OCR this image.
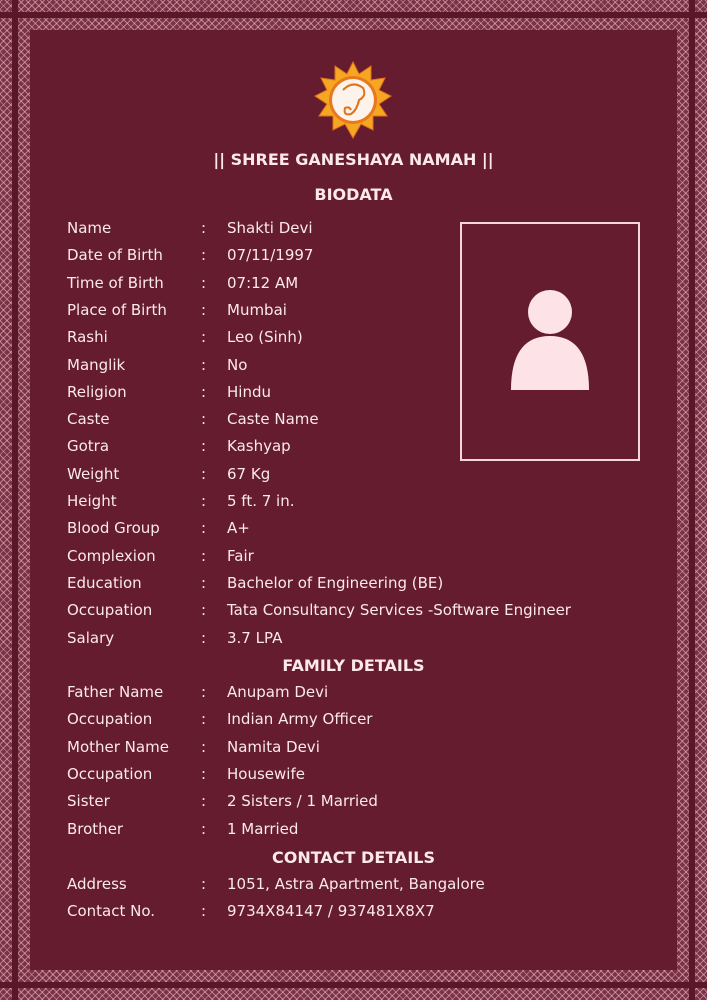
|| SHREE GANESHAYA NAMAH ||
BIODATA
Name	: Shakti Devi
Date of Birth	: 07/11/1997
Time of Birth : 07:12 AM
Place of Birth : Mumbai
Rashi	: Leo (Sinh)
Manglik	: No
Religion	: Hindu
Caste	: Caste Name
Gotra	: Kashyap
Weight	: 67 Kg
Height	: 5 ft. 7 in.
Blood Group	: A+
Complexion	: Fair
Education	: Bachelor of Engineering (BE)
Occupation	: Tata Consultancy Services -Software Engineer
Salary	: 3.7 LPA
Father Name	: Anupam Devi
Occupation	: Indian Army Officer
Mother Name : Namita Devi
Occupation	: Housewife
Sister	: 2 Sisters / 1 Married
Brother	: 1 Married
Address	: 1051, Astra Apartment, Bangalore
Contact No.	: 9734X84147 / 937481X8X7
FAMILY DETAILS
CONTACT DETAILS
